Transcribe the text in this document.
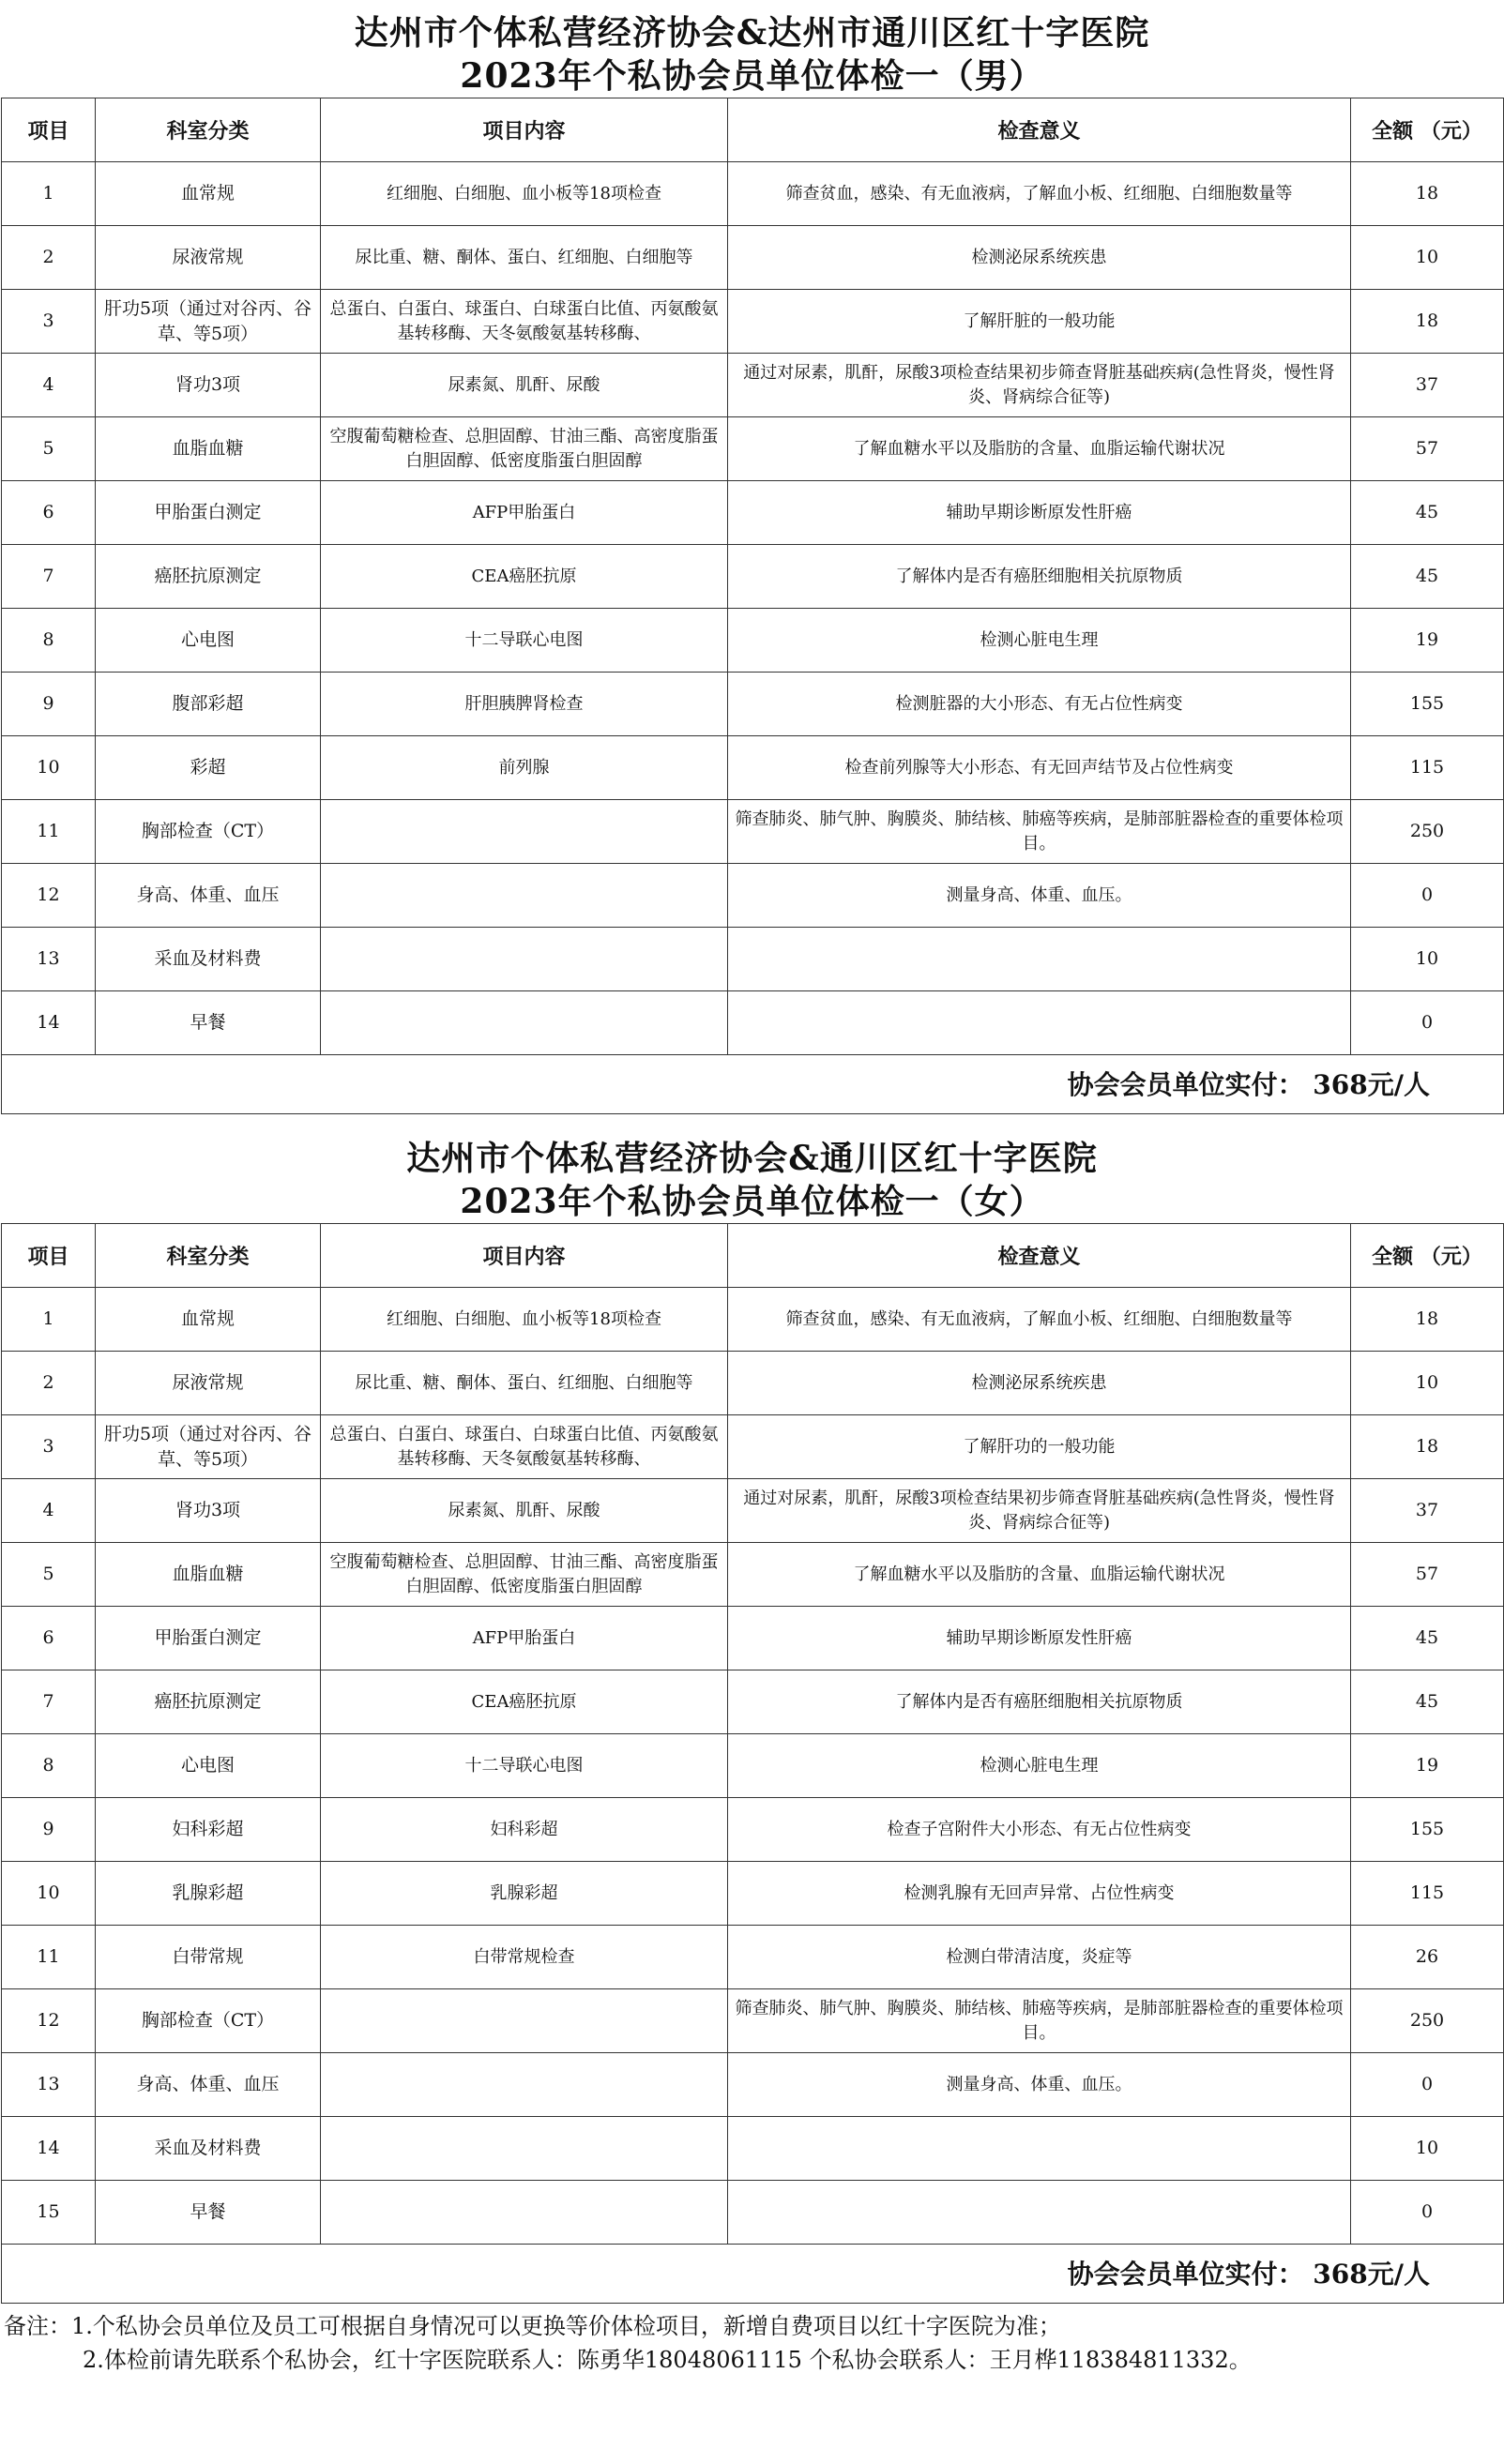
达州市个体私营经济协会&达州市通川区红十字医院
2023年个私协会员单位体检一（男）
项目	科室分类	项目内容	检查意义	全额 （元）
1	血常规	红细胞、白细胞、血小板等18项检查	筛查贫血，感染、有无血液病，了解血小板、红细胞、白细胞数量等	18
2	尿液常规	尿比重、糖、酮体、蛋白、红细胞、白细胞等	检测泌尿系统疾患	10
3	肝功5项（通过对谷丙、谷草、等5项）	总蛋白、白蛋白、球蛋白、白球蛋白比值、丙氨酸氨基转移酶、天冬氨酸氨基转移酶、	了解肝脏的一般功能	18
4	肾功3项	尿素氮、肌酐、尿酸	通过对尿素，肌酐，尿酸3项检查结果初步筛查肾脏基础疾病(急性肾炎，慢性肾炎、肾病综合征等)	37
5	血脂血糖	空腹葡萄糖检查、总胆固醇、甘油三酯、高密度脂蛋白胆固醇、低密度脂蛋白胆固醇	了解血糖水平以及脂肪的含量、血脂运输代谢状况	57
6	甲胎蛋白测定	AFP甲胎蛋白	辅助早期诊断原发性肝癌	45
7	癌胚抗原测定	CEA癌胚抗原	了解体内是否有癌胚细胞相关抗原物质	45
8	心电图	十二导联心电图	检测心脏电生理	19
9	腹部彩超	肝胆胰脾肾检查	检测脏器的大小形态、有无占位性病变	155
10	彩超	前列腺	检查前列腺等大小形态、有无回声结节及占位性病变	115
11	胸部检查（CT）		筛查肺炎、肺气肿、胸膜炎、肺结核、肺癌等疾病，是肺部脏器检查的重要体检项目。	250
12	身高、体重、血压		测量身高、体重、血压。	0
13	采血及材料费			10
14	早餐			0
协会会员单位实付： 368元/人				
达州市个体私营经济协会&通川区红十字医院
2023年个私协会员单位体检一（女）
项目	科室分类	项目内容	检查意义	全额 （元）
1	血常规	红细胞、白细胞、血小板等18项检查	筛查贫血，感染、有无血液病，了解血小板、红细胞、白细胞数量等	18
2	尿液常规	尿比重、糖、酮体、蛋白、红细胞、白细胞等	检测泌尿系统疾患	10
3	肝功5项（通过对谷丙、谷草、等5项）	总蛋白、白蛋白、球蛋白、白球蛋白比值、丙氨酸氨基转移酶、天冬氨酸氨基转移酶、	了解肝功的一般功能	18
4	肾功3项	尿素氮、肌酐、尿酸	通过对尿素，肌酐，尿酸3项检查结果初步筛查肾脏基础疾病(急性肾炎，慢性肾炎、肾病综合征等)	37
5	血脂血糖	空腹葡萄糖检查、总胆固醇、甘油三酯、高密度脂蛋白胆固醇、低密度脂蛋白胆固醇	了解血糖水平以及脂肪的含量、血脂运输代谢状况	57
6	甲胎蛋白测定	AFP甲胎蛋白	辅助早期诊断原发性肝癌	45
7	癌胚抗原测定	CEA癌胚抗原	了解体内是否有癌胚细胞相关抗原物质	45
8	心电图	十二导联心电图	检测心脏电生理	19
9	妇科彩超	妇科彩超	检查子宫附件大小形态、有无占位性病变	155
10	乳腺彩超	乳腺彩超	检测乳腺有无回声异常、占位性病变	115
11	白带常规	白带常规检查	检测白带清洁度，炎症等	26
12	胸部检查（CT）		筛查肺炎、肺气肿、胸膜炎、肺结核、肺癌等疾病，是肺部脏器检查的重要体检项目。	250
13	身高、体重、血压		测量身高、体重、血压。	0
14	采血及材料费			10
15	早餐			0
协会会员单位实付： 368元/人				
备注：1.个私协会员单位及员工可根据自身情况可以更换等价体检项目，新增自费项目以红十字医院为准；
2.体检前请先联系个私协会，红十字医院联系人：陈勇华18048061115 个私协会联系人：王月桦118384811332。
